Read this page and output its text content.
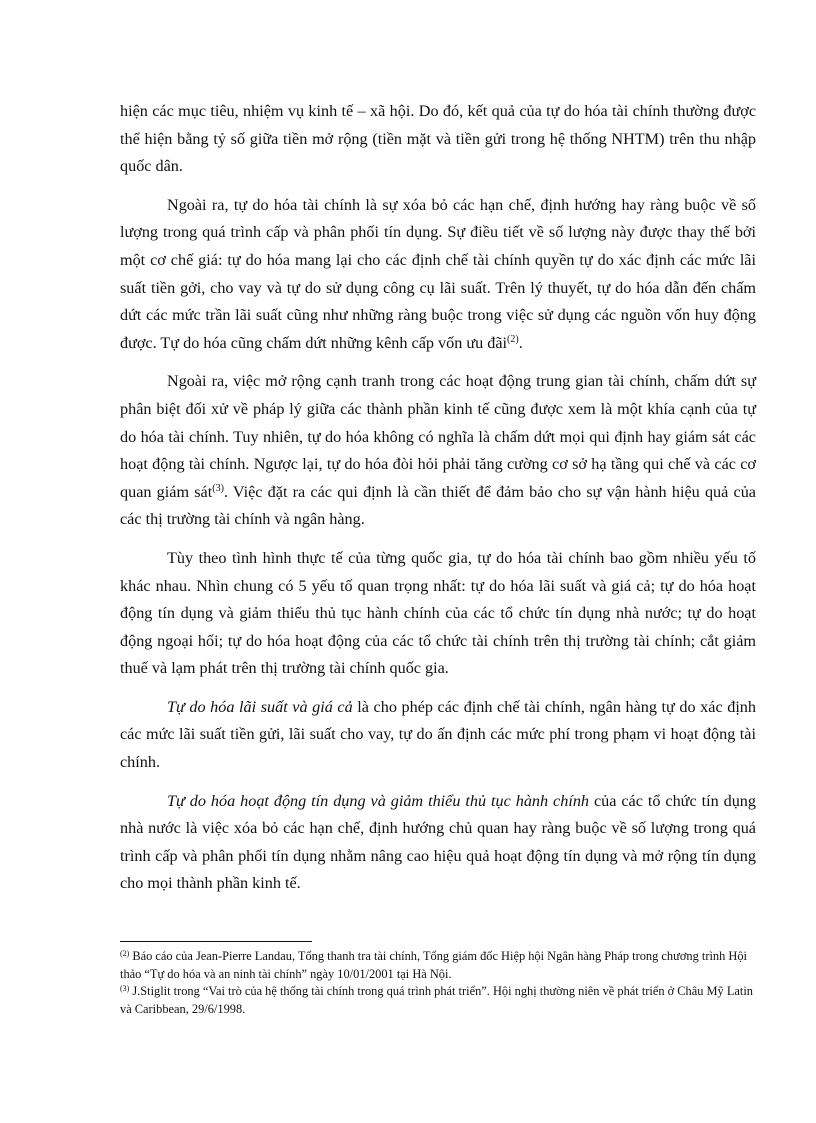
hiện các mục tiêu, nhiệm vụ kinh tế – xã hội. Do đó, kết quả của tự do hóa tài chính thường được thể hiện bằng tỷ số giữa tiền mở rộng (tiền mặt và tiền gửi trong hệ thống NHTM) trên thu nhập quốc dân.

Ngoài ra, tự do hóa tài chính là sự xóa bỏ các hạn chế, định hướng hay ràng buộc về số lượng trong quá trình cấp và phân phối tín dụng. Sự điều tiết về số lượng này được thay thế bởi một cơ chế giá: tự do hóa mang lại cho các định chế tài chính quyền tự do xác định các mức lãi suất tiền gởi, cho vay và tự do sử dụng công cụ lãi suất. Trên lý thuyết, tự do hóa dẫn đến chấm dứt các mức trần lãi suất cũng như những ràng buộc trong việc sử dụng các nguồn vốn huy động được. Tự do hóa cũng chấm dứt những kênh cấp vốn ưu đãi$^{(2)}$.

Ngoài ra, việc mở rộng cạnh tranh trong các hoạt động trung gian tài chính, chấm dứt sự phân biệt đối xử về pháp lý giữa các thành phần kinh tế cũng được xem là một khía cạnh của tự do hóa tài chính. Tuy nhiên, tự do hóa không có nghĩa là chấm dứt mọi qui định hay giám sát các hoạt động tài chính. Ngược lại, tự do hóa đòi hỏi phải tăng cường cơ sở hạ tầng qui chế và các cơ quan giám sát$^{(3)}$. Việc đặt ra các qui định là cần thiết để đảm bảo cho sự vận hành hiệu quả của các thị trường tài chính và ngân hàng.

Tùy theo tình hình thực tế của từng quốc gia, tự do hóa tài chính bao gồm nhiều yếu tố khác nhau. Nhìn chung có 5 yếu tố quan trọng nhất: tự do hóa lãi suất và giá cả; tự do hóa hoạt động tín dụng và giảm thiểu thủ tục hành chính của các tổ chức tín dụng nhà nước; tự do hoạt động ngoại hối; tự do hóa hoạt động của các tổ chức tài chính trên thị trường tài chính; cắt giảm thuế và lạm phát trên thị trường tài chính quốc gia.

Tự do hóa lãi suất và giá cả là cho phép các định chế tài chính, ngân hàng tự do xác định các mức lãi suất tiền gửi, lãi suất cho vay, tự do ấn định các mức phí trong phạm vi hoạt động tài chính.

Tự do hóa hoạt động tín dụng và giảm thiểu thủ tục hành chính của các tổ chức tín dụng nhà nước là việc xóa bỏ các hạn chế, định hướng chủ quan hay ràng buộc về số lượng trong quá trình cấp và phân phối tín dụng nhằm nâng cao hiệu quả hoạt động tín dụng và mở rộng tín dụng cho mọi thành phần kinh tế.

$^{(2)}$ Báo cáo của Jean-Pierre Landau, Tổng thanh tra tài chính, Tổng giám đốc Hiệp hội Ngân hàng Pháp trong chương trình Hội thảo “Tự do hóa và an ninh tài chính” ngày 10/01/2001 tại Hà Nội.

$^{(3)}$ J.Stiglit trong “Vai trò của hệ thống tài chính trong quá trình phát triển”. Hội nghị thường niên về phát triển ở Châu Mỹ Latin và Caribbean, 29/6/1998.
